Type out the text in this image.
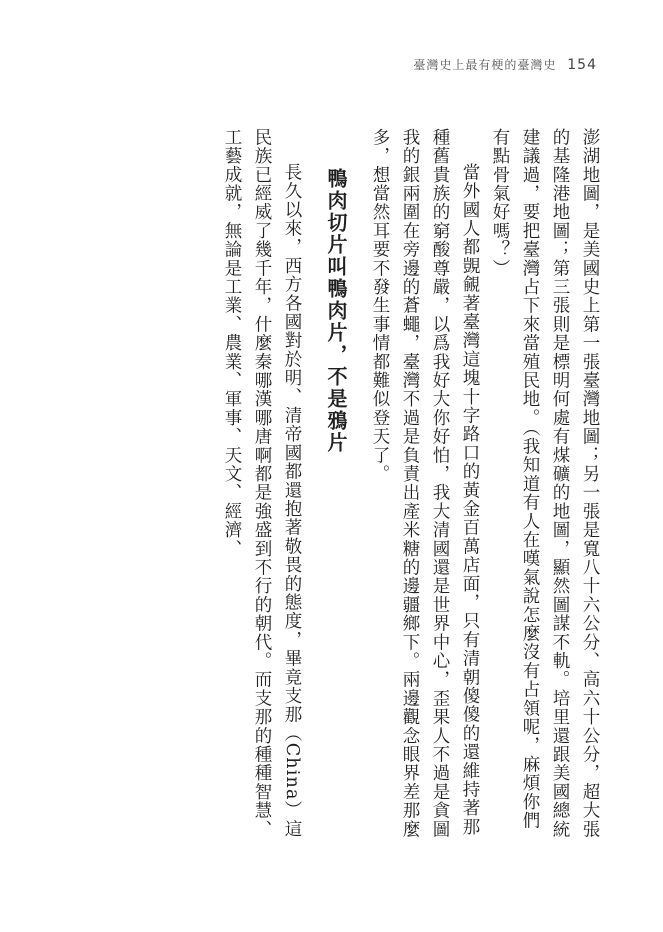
臺灣史上最有梗的臺灣史 154

澎湖地圖，是美國史上第一張臺灣地圖；另一張是寬八十六公分、高六十公分，超大張的基隆港地圖；第三張則是標明何處有煤礦的地圖，顯然圖謀不軌。培里還跟美國總統建議過，要把臺灣占下來當殖民地。（我知道有人在嘆氣說怎麼沒有占領呢，麻煩你們有點骨氣好嗎？）

當外國人都覬覦著臺灣這塊十字路口的黃金百萬店面，只有清朝傻傻的還維持著那種舊貴族的窮酸尊嚴，以爲我好大你好怕，我大清國還是世界中心，歪果人不過是貪圖我的銀兩圍在旁邊的蒼蠅，臺灣不過是負責出產米糖的邊疆鄉下。兩邊觀念眼界差那麼多，想當然耳要不發生事情都難似登天了。

鴨肉切片叫鴨肉片，不是鴉片

長久以來，西方各國對於明、清帝國都還抱著敬畏的態度，畢竟支那（China）這民族已經威了幾千年，什麼秦哪漢哪唐啊都是強盛到不行的朝代。而支那的種種智慧、工藝成就，無論是工業、農業、軍事、天文、經濟、
